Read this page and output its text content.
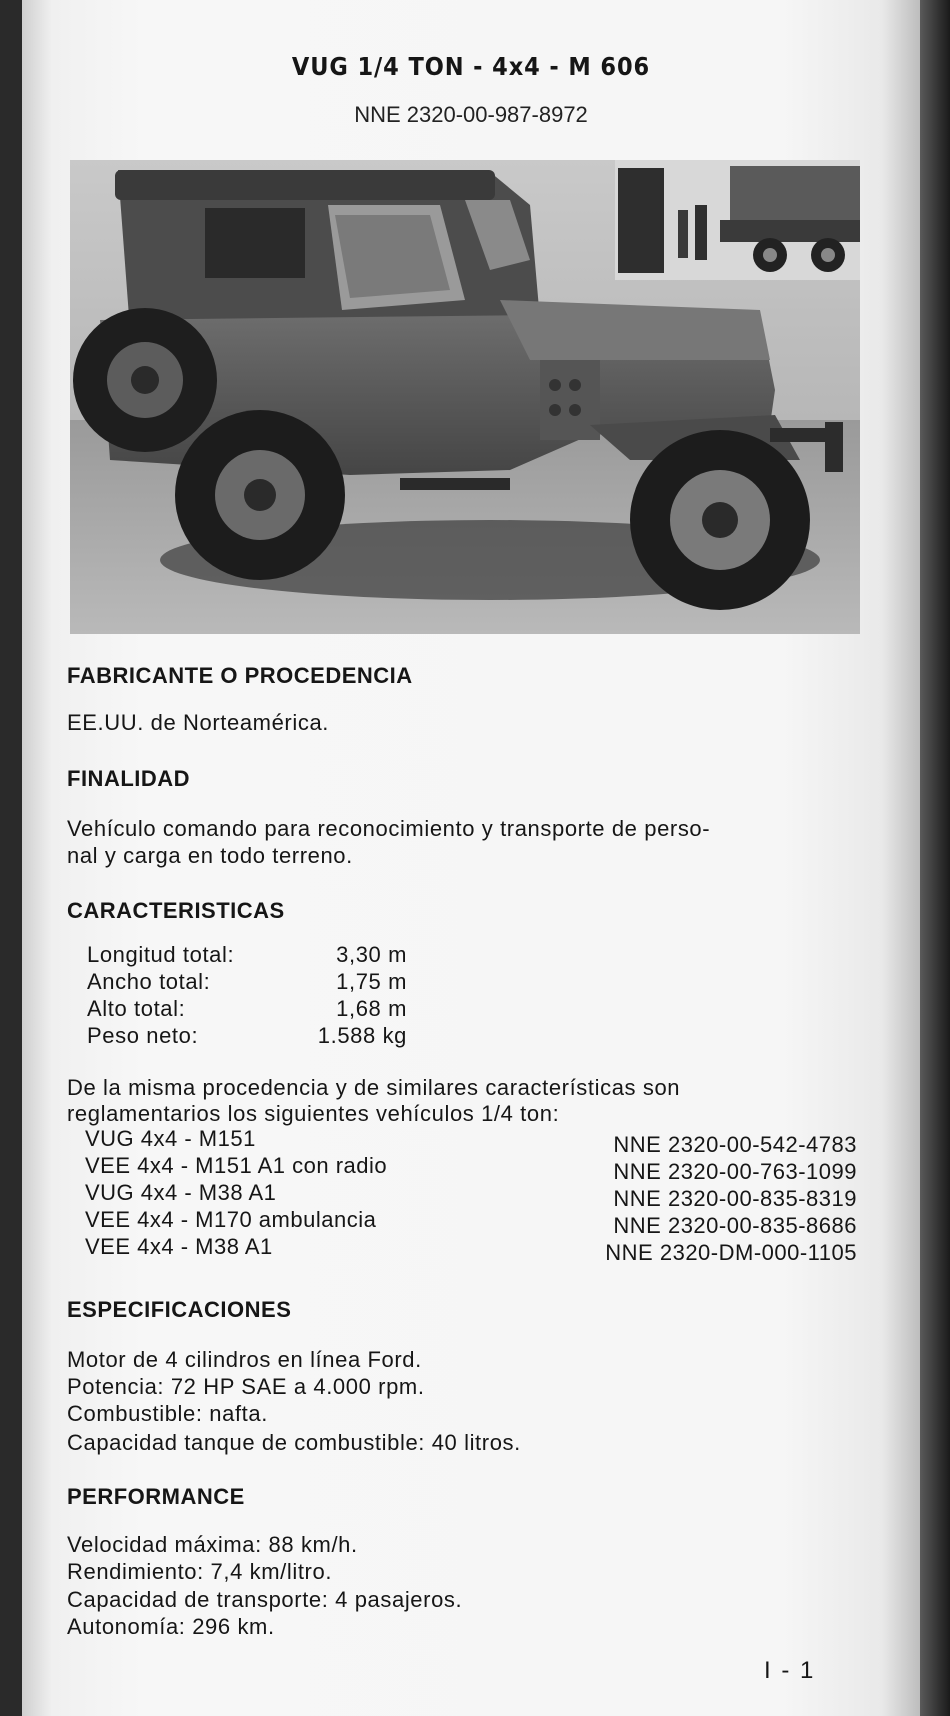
VUG 1/4 TON - 4x4 - M 606
NNE 2320-00-987-8972
FABRICANTE O PROCEDENCIA
EE.UU. de Norteamérica.
FINALIDAD
Vehículo comando para reconocimiento y transporte de perso-
nal y carga en todo terreno.
CARACTERISTICAS
Longitud total:	3,30 m
Ancho total:	1,75 m
Alto total:	1,68 m
Peso neto:	1.588 kg
De la misma procedencia y de similares características son
reglamentarios los siguientes vehículos 1/4 ton:
VUG 4x4 - M151	NNE 2320-00-542-4783
VEE 4x4 - M151 A1 con radio	NNE 2320-00-763-1099
VUG 4x4 - M38 A1	NNE 2320-00-835-8319
VEE 4x4 - M170 ambulancia	NNE 2320-00-835-8686
VEE 4x4 - M38 A1	NNE 2320-DM-000-1105
ESPECIFICACIONES
Motor de 4 cilindros en línea Ford.
Potencia: 72 HP SAE a 4.000 rpm.
Combustible: nafta.
Capacidad tanque de combustible: 40 litros.
PERFORMANCE
Velocidad máxima: 88 km/h.
Rendimiento: 7,4 km/litro.
Capacidad de transporte: 4 pasajeros.
Autonomía: 296 km.
I - 1
